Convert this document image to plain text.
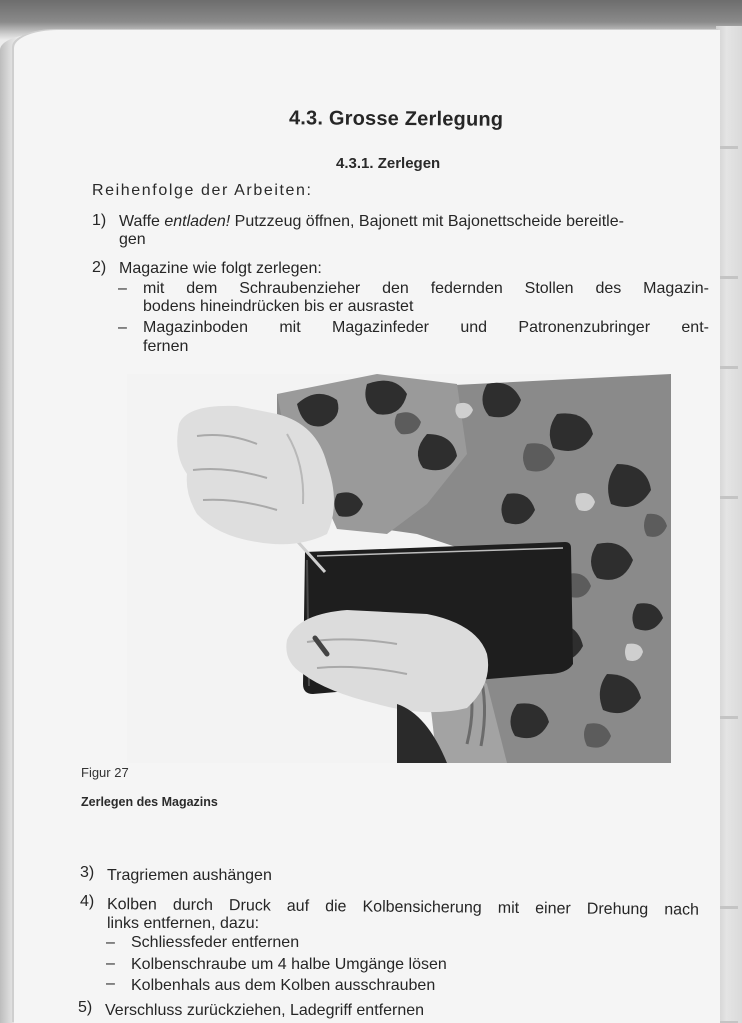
4.3. Grosse Zerlegung
4.3.1. Zerlegen
Reihenfolge der Arbeiten:
1) Waffe entladen! Putzzeug öffnen, Bajonett mit Bajonettscheide bereitle-
gen
2) Magazine wie folgt zerlegen:
– mit dem Schraubenzieher den federnden Stollen des Magazin-
bodens hineindrücken bis er ausrastet
– Magazinboden mit Magazinfeder und Patronenzubringer ent-
fernen
Figur 27
Zerlegen des Magazins
3) Tragriemen aushängen
4) Kolben durch Druck auf die Kolbensicherung mit einer Drehung nach
links entfernen, dazu:
– Schliessfeder entfernen
– Kolbenschraube um 4 halbe Umgänge lösen
– Kolbenhals aus dem Kolben ausschrauben
5) Verschluss zurückziehen, Ladegriff entfernen
